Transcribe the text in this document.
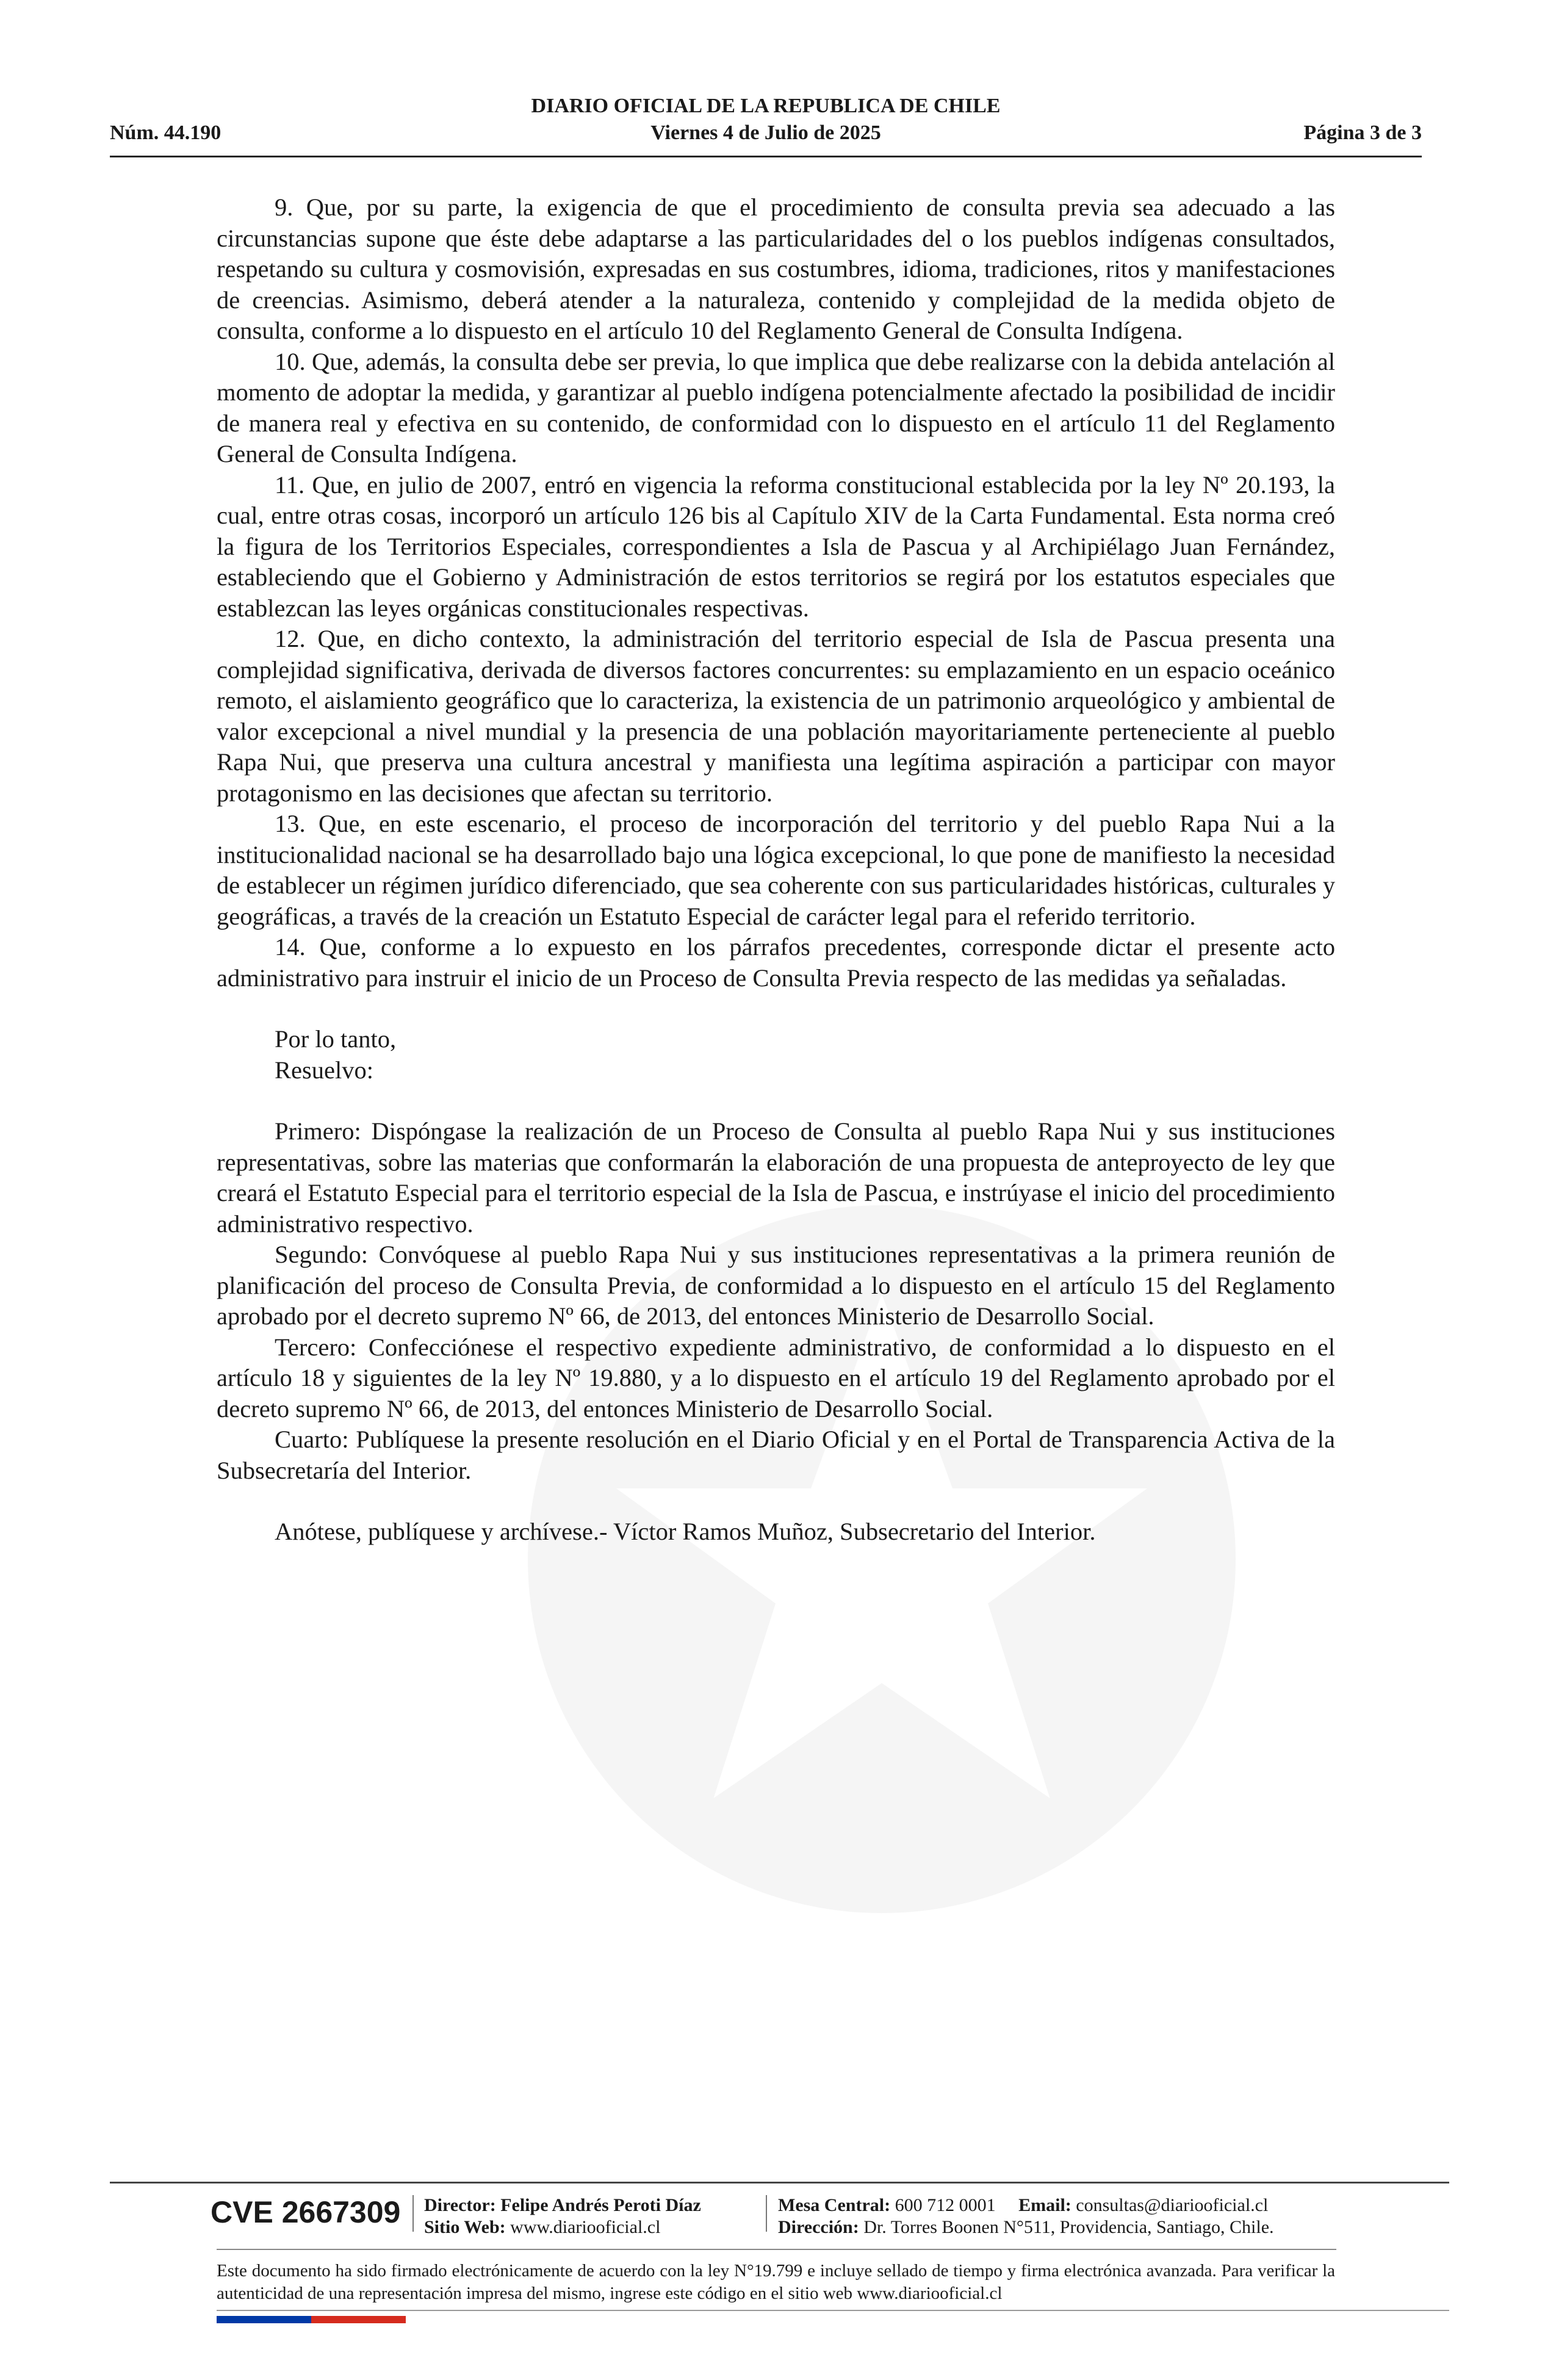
DIARIO OFICIAL DE LA REPUBLICA DE CHILE
Núm. 44.190	Viernes 4 de Julio de 2025	Página 3 de 3

9. Que, por su parte, la exigencia de que el procedimiento de consulta previa sea adecuado a las circunstancias supone que éste debe adaptarse a las particularidades del o los pueblos indígenas consultados, respetando su cultura y cosmovisión, expresadas en sus costumbres, idioma, tradiciones, ritos y manifestaciones de creencias. Asimismo, deberá atender a la naturaleza, contenido y complejidad de la medida objeto de consulta, conforme a lo dispuesto en el artículo 10 del Reglamento General de Consulta Indígena.

10. Que, además, la consulta debe ser previa, lo que implica que debe realizarse con la debida antelación al momento de adoptar la medida, y garantizar al pueblo indígena potencialmente afectado la posibilidad de incidir de manera real y efectiva en su contenido, de conformidad con lo dispuesto en el artículo 11 del Reglamento General de Consulta Indígena.

11. Que, en julio de 2007, entró en vigencia la reforma constitucional establecida por la ley Nº 20.193, la cual, entre otras cosas, incorporó un artículo 126 bis al Capítulo XIV de la Carta Fundamental. Esta norma creó la figura de los Territorios Especiales, correspondientes a Isla de Pascua y al Archipiélago Juan Fernández, estableciendo que el Gobierno y Administración de estos territorios se regirá por los estatutos especiales que establezcan las leyes orgánicas constitucionales respectivas.

12. Que, en dicho contexto, la administración del territorio especial de Isla de Pascua presenta una complejidad significativa, derivada de diversos factores concurrentes: su emplazamiento en un espacio oceánico remoto, el aislamiento geográfico que lo caracteriza, la existencia de un patrimonio arqueológico y ambiental de valor excepcional a nivel mundial y la presencia de una población mayoritariamente perteneciente al pueblo Rapa Nui, que preserva una cultura ancestral y manifiesta una legítima aspiración a participar con mayor protagonismo en las decisiones que afectan su territorio.

13. Que, en este escenario, el proceso de incorporación del territorio y del pueblo Rapa Nui a la institucionalidad nacional se ha desarrollado bajo una lógica excepcional, lo que pone de manifiesto la necesidad de establecer un régimen jurídico diferenciado, que sea coherente con sus particularidades históricas, culturales y geográficas, a través de la creación un Estatuto Especial de carácter legal para el referido territorio.

14. Que, conforme a lo expuesto en los párrafos precedentes, corresponde dictar el presente acto administrativo para instruir el inicio de un Proceso de Consulta Previa respecto de las medidas ya señaladas.

Por lo tanto,

Resuelvo:

Primero: Dispóngase la realización de un Proceso de Consulta al pueblo Rapa Nui y sus instituciones representativas, sobre las materias que conformarán la elaboración de una propuesta de anteproyecto de ley que creará el Estatuto Especial para el territorio especial de la Isla de Pascua, e instrúyase el inicio del procedimiento administrativo respectivo.

Segundo: Convóquese al pueblo Rapa Nui y sus instituciones representativas a la primera reunión de planificación del proceso de Consulta Previa, de conformidad a lo dispuesto en el artículo 15 del Reglamento aprobado por el decreto supremo Nº 66, de 2013, del entonces Ministerio de Desarrollo Social.

Tercero: Confecciónese el respectivo expediente administrativo, de conformidad a lo dispuesto en el artículo 18 y siguientes de la ley Nº 19.880, y a lo dispuesto en el artículo 19 del Reglamento aprobado por el decreto supremo Nº 66, de 2013, del entonces Ministerio de Desarrollo Social.

Cuarto: Publíquese la presente resolución en el Diario Oficial y en el Portal de Transparencia Activa de la Subsecretaría del Interior.

Anótese, publíquese y archívese.- Víctor Ramos Muñoz, Subsecretario del Interior.

CVE 2667309 Director: Felipe Andrés Peroti Díaz
Sitio Web: www.diariooficial.cl
Mesa Central: 600 712 0001 Email: consultas@diariooficial.cl
Dirección: Dr. Torres Boonen N°511, Providencia, Santiago, Chile.
Este documento ha sido firmado electrónicamente de acuerdo con la ley N°19.799 e incluye sellado de tiempo y firma electrónica avanzada. Para verificar la autenticidad de una representación impresa del mismo, ingrese este código en el sitio web www.diariooficial.cl
